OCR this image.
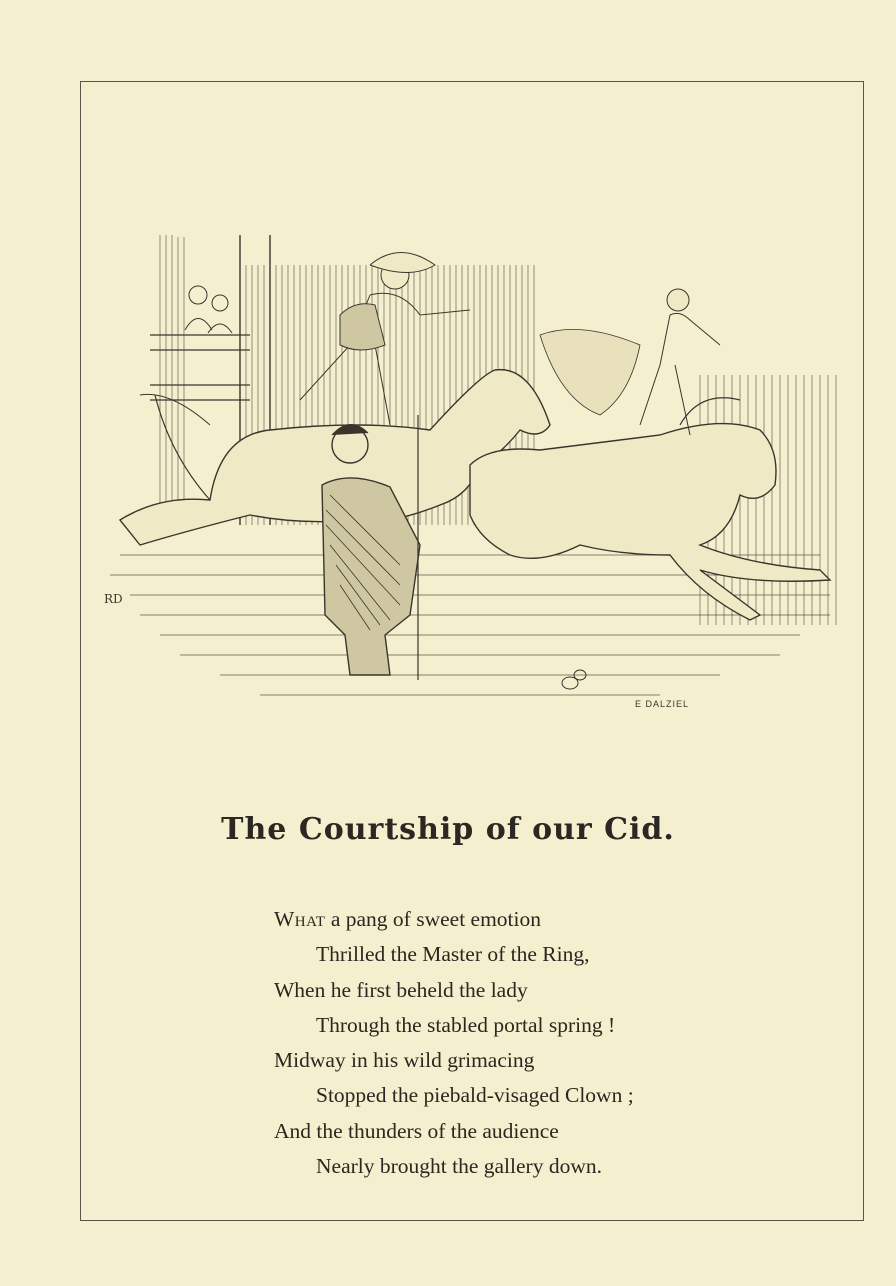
RD
E DALZIEL
The Courtship of our Cid.
What a pang of sweet emotion
Thrilled the Master of the Ring,
When he first beheld the lady
Through the stabled portal spring !
Midway in his wild grimacing
Stopped the piebald-visaged Clown ;
And the thunders of the audience
Nearly brought the gallery down.
